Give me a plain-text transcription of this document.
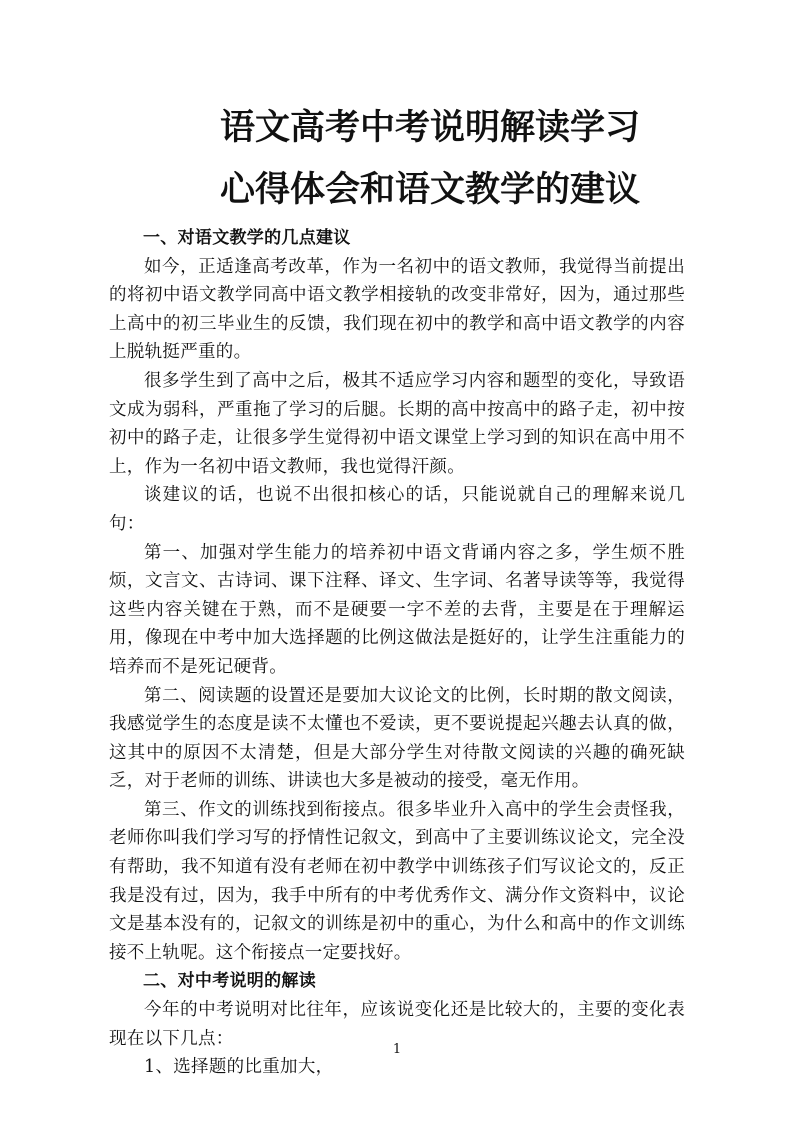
语文高考中考说明解读学习
心得体会和语文教学的建议

一、对语文教学的几点建议

如今，正适逢高考改革，作为一名初中的语文教师，我觉得当前提出的将初中语文教学同高中语文教学相接轨的改变非常好，因为，通过那些上高中的初三毕业生的反馈，我们现在初中的教学和高中语文教学的内容上脱轨挺严重的。

很多学生到了高中之后，极其不适应学习内容和题型的变化，导致语文成为弱科，严重拖了学习的后腿。长期的高中按高中的路子走，初中按初中的路子走，让很多学生觉得初中语文课堂上学习到的知识在高中用不上，作为一名初中语文教师，我也觉得汗颜。

谈建议的话，也说不出很扣核心的话，只能说就自己的理解来说几句：

第一、加强对学生能力的培养初中语文背诵内容之多，学生烦不胜烦，文言文、古诗词、课下注释、译文、生字词、名著导读等等，我觉得这些内容关键在于熟，而不是硬要一字不差的去背，主要是在于理解运用，像现在中考中加大选择题的比例这做法是挺好的，让学生注重能力的培养而不是死记硬背。

第二、阅读题的设置还是要加大议论文的比例，长时期的散文阅读，我感觉学生的态度是读不太懂也不爱读，更不要说提起兴趣去认真的做，这其中的原因不太清楚，但是大部分学生对待散文阅读的兴趣的确死缺乏，对于老师的训练、讲读也大多是被动的接受，毫无作用。

第三、作文的训练找到衔接点。很多毕业升入高中的学生会责怪我，老师你叫我们学习写的抒情性记叙文，到高中了主要训练议论文，完全没有帮助，我不知道有没有老师在初中教学中训练孩子们写议论文的，反正我是没有过，因为，我手中所有的中考优秀作文、满分作文资料中，议论文是基本没有的，记叙文的训练是初中的重心，为什么和高中的作文训练接不上轨呢。这个衔接点一定要找好。

二、对中考说明的解读

今年的中考说明对比往年，应该说变化还是比较大的，主要的变化表现在以下几点：

1、选择题的比重加大，

1
